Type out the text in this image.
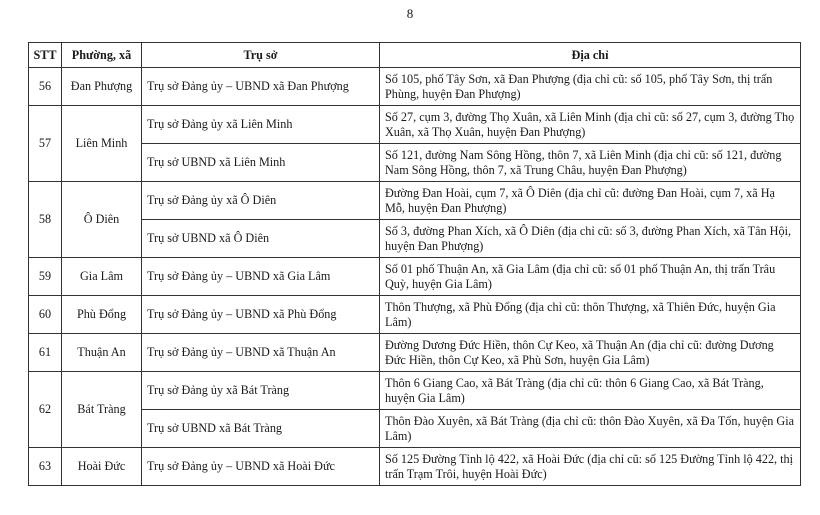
8
STT	Phường, xã	Trụ sở	Địa chỉ
56	Đan Phượng	Trụ sở Đảng ủy – UBND xã Đan Phượng	Số 105, phố Tây Sơn, xã Đan Phượng (địa chỉ cũ: số 105, phố Tây Sơn, thị trấn Phùng, huyện Đan Phượng)
57	Liên Minh	Trụ sở Đảng ủy xã Liên Minh	Số 27, cụm 3, đường Thọ Xuân, xã Liên Minh (địa chỉ cũ: số 27, cụm 3, đường Thọ Xuân, xã Thọ Xuân, huyện Đan Phượng)
		Trụ sở UBND xã Liên Minh	Số 121, đường Nam Sông Hồng, thôn 7, xã Liên Minh (địa chỉ cũ: số 121, đường Nam Sông Hồng, thôn 7, xã Trung Châu, huyện Đan Phượng)
58	Ô Diên	Trụ sở Đảng ủy xã Ô Diên	Đường Đan Hoài, cụm 7, xã Ô Diên (địa chỉ cũ: đường Đan Hoài, cụm 7, xã Hạ Mỗ, huyện Đan Phượng)
		Trụ sở UBND xã Ô Diên	Số 3, đường Phan Xích, xã Ô Diên (địa chỉ cũ: số 3, đường Phan Xích, xã Tân Hội, huyện Đan Phượng)
59	Gia Lâm	Trụ sở Đảng ủy – UBND xã Gia Lâm	Số 01 phố Thuận An, xã Gia Lâm (địa chỉ cũ: số 01 phố Thuận An, thị trấn Trâu Quỳ, huyện Gia Lâm)
60	Phù Đổng	Trụ sở Đảng ủy – UBND xã Phù Đổng	Thôn Thượng, xã Phù Đổng (địa chỉ cũ: thôn Thượng, xã Thiên Đức, huyện Gia Lâm)
61	Thuận An	Trụ sở Đảng ủy – UBND xã Thuận An	Đường Dương Đức Hiền, thôn Cự Keo, xã Thuận An (địa chỉ cũ: đường Dương Đức Hiền, thôn Cự Keo, xã Phù Sơn, huyện Gia Lâm)
62	Bát Tràng	Trụ sở Đảng ủy xã Bát Tràng	Thôn 6 Giang Cao, xã Bát Tràng (địa chỉ cũ: thôn 6 Giang Cao, xã Bát Tràng, huyện Gia Lâm)
		Trụ sở UBND xã Bát Tràng	Thôn Đào Xuyên, xã Bát Tràng (địa chỉ cũ: thôn Đào Xuyên, xã Đa Tốn, huyện Gia Lâm)
63	Hoài Đức	Trụ sở Đảng ủy – UBND xã Hoài Đức	Số 125 Đường Tỉnh lộ 422, xã Hoài Đức (địa chỉ cũ: số 125 Đường Tỉnh lộ 422, thị trấn Trạm Trôi, huyện Hoài Đức)
